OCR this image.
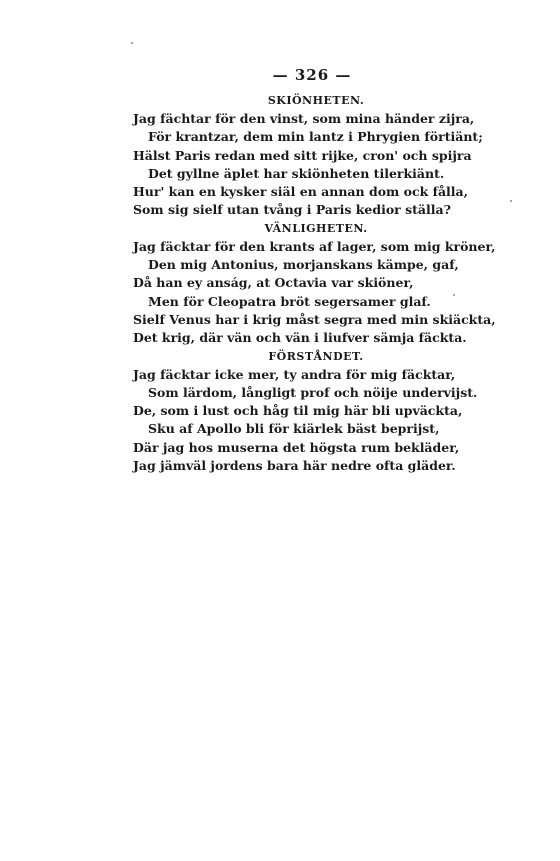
— 326 —
SKIÖNHETEN.
Jag fächtar för den vinst, som mina händer zijra,
För krantzar, dem min lantz i Phrygien förtiänt;
Hälst Paris redan med sitt rijke, cron' och spijra
Det gyllne äplet har skiönheten tilerkiänt.
Hur' kan en kysker siäl en annan dom ock fålla,
Som sig sielf utan tvång i Paris kedior ställa?
VÄNLIGHETEN.
Jag fäcktar för den krants af lager, som mig kröner,
Den mig Antonius, morjanskans kämpe, gaf,
Då han ey anság, at Octavia var skiöner,
Men för Cleopatra bröt segersamer glaf.
Sielf Venus har i krig måst segra med min skiäckta,
Det krig, där vän och vän i liufver sämja fäckta.
FÖRSTÅNDET.
Jag fäcktar icke mer, ty andra för mig fäcktar,
Som lärdom, långligt prof och nöije undervijst.
De, som i lust och håg til mig här bli upväckta,
Sku af Apollo bli för kiärlek bäst beprijst,
Där jag hos muserna det högsta rum bekläder,
Jag jämväl jordens bara här nedre ofta gläder.
